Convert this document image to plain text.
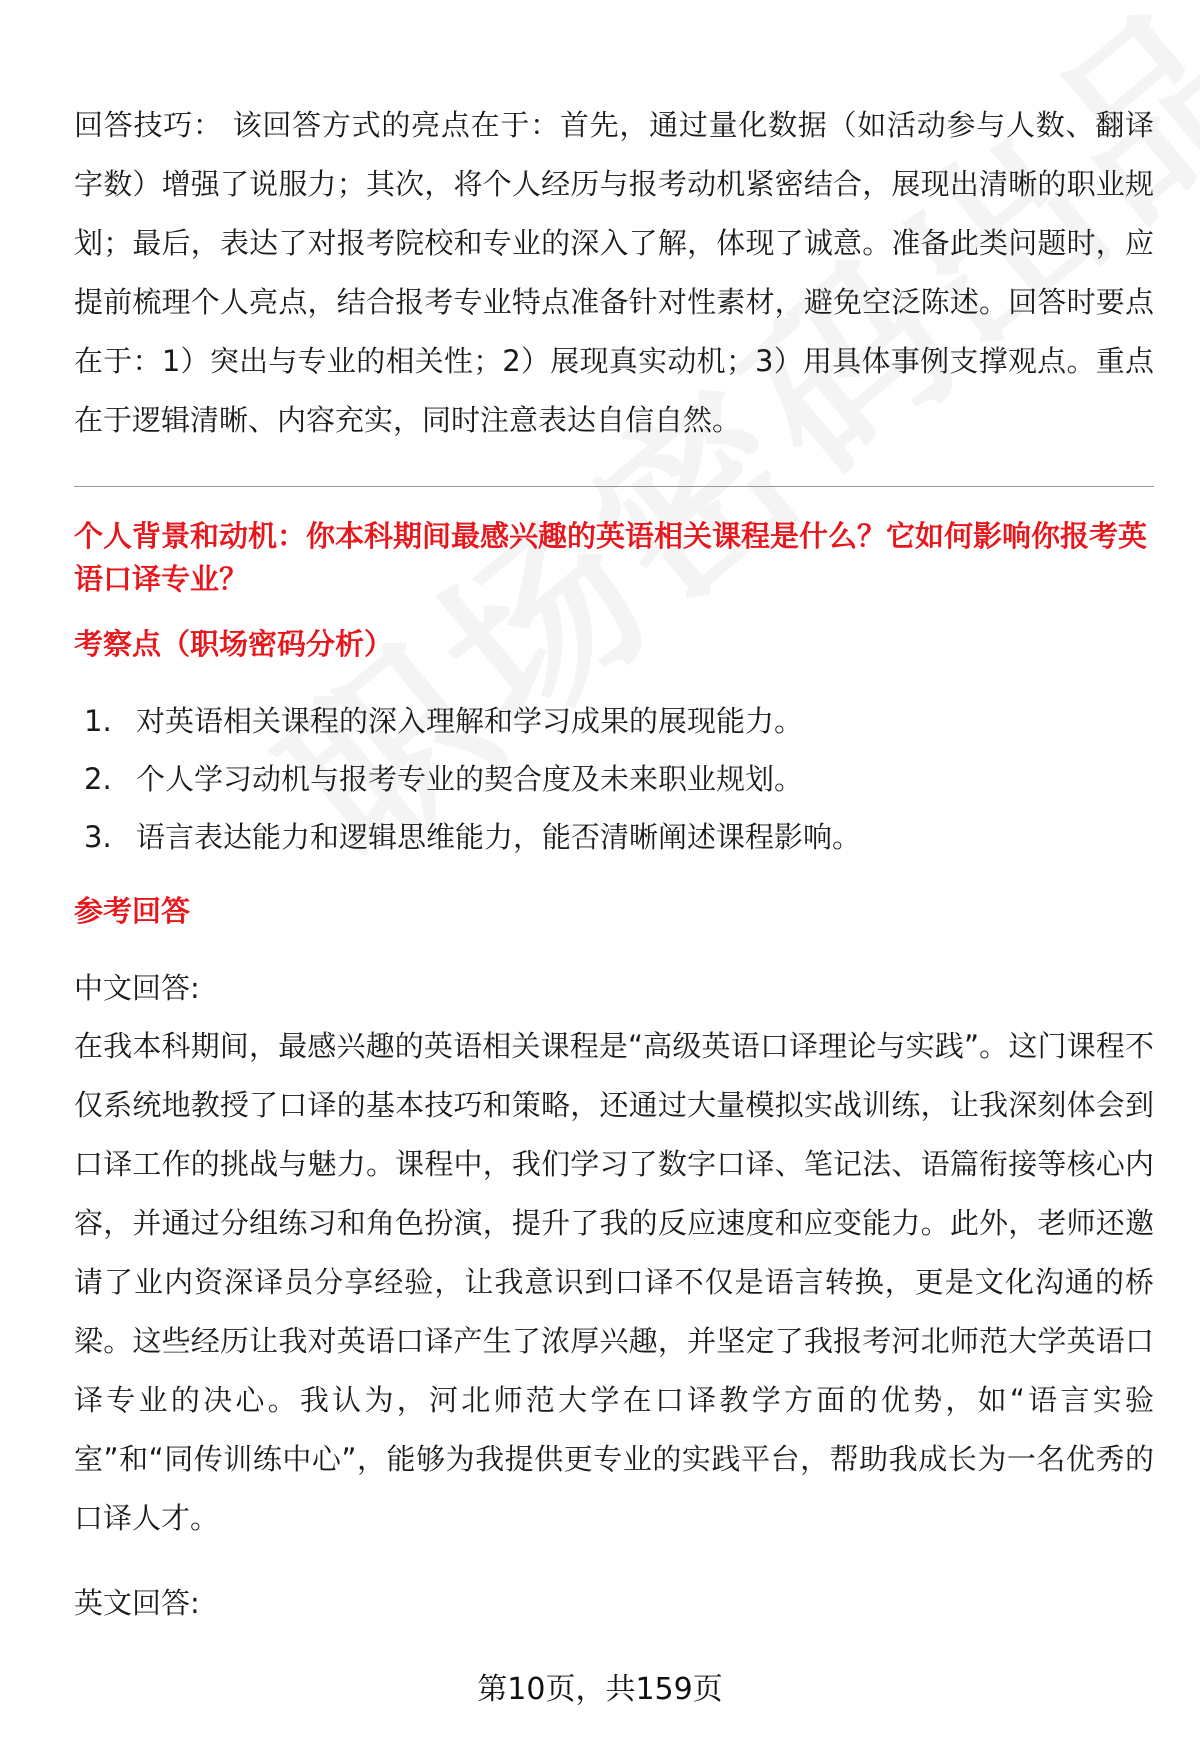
回答技巧： 该回答方式的亮点在于：首先，通过量化数据（如活动参与人数、翻译字数）增强了说服力；其次，将个人经历与报考动机紧密结合，展现出清晰的职业规划；最后，表达了对报考院校和专业的深入了解，体现了诚意。准备此类问题时，应提前梳理个人亮点，结合报考专业特点准备针对性素材，避免空泛陈述。回答时要点在于：1）突出与专业的相关性；2）展现真实动机；3）用具体事例支撑观点。重点在于逻辑清晰、内容充实，同时注意表达自信自然。

个人背景和动机：你本科期间最感兴趣的英语相关课程是什么？它如何影响你报考英语口译专业？
考察点（职场密码分析）
1. 对英语相关课程的深入理解和学习成果的展现能力。
2. 个人学习动机与报考专业的契合度及未来职业规划。
3. 语言表达能力和逻辑思维能力，能否清晰阐述课程影响。
参考回答

中文回答:

在我本科期间，最感兴趣的英语相关课程是“高级英语口译理论与实践”。这门课程不仅系统地教授了口译的基本技巧和策略，还通过大量模拟实战训练，让我深刻体会到口译工作的挑战与魅力。课程中，我们学习了数字口译、笔记法、语篇衔接等核心内容，并通过分组练习和角色扮演，提升了我的反应速度和应变能力。此外，老师还邀请了业内资深译员分享经验，让我意识到口译不仅是语言转换，更是文化沟通的桥梁。这些经历让我对英语口译产生了浓厚兴趣，并坚定了我报考河北师范大学英语口译专业的决心。我认为，河北师范大学在口译教学方面的优势，如“语言实验室”和“同传训练中心”，能够为我提供更专业的实践平台，帮助我成长为一名优秀的口译人才。

英文回答:

第10页，共159页
